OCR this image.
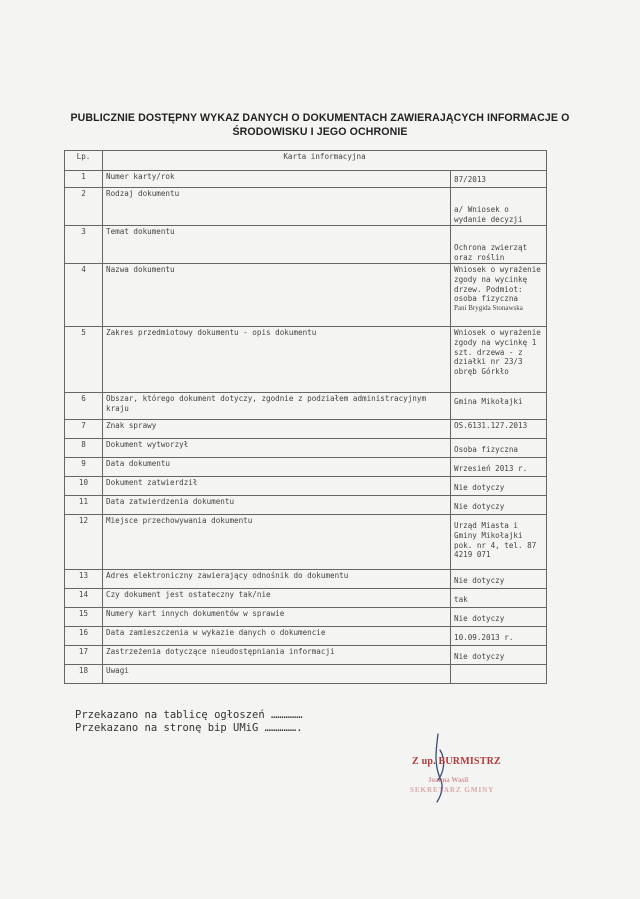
PUBLICZNIE DOSTĘPNY WYKAZ DANYCH O DOKUMENTACH ZAWIERAJĄCYCH INFORMACJE O ŚRODOWISKU I JEGO OCHRONIE
Lp.	Karta informacyjna	
1	Numer karty/rok	87/2013

2	Rodzaj dokumentu	a/ Wniosek o wydanie decyzji

3	Temat dokumentu	Ochrona zwierząt oraz roślin

4	Nazwa dokumentu	Wniosek o wyrażenie zgody na wycinkę drzew. Podmiot: osoba fizyczna
Pani Brygida Stonawska

5	Zakres przedmiotowy dokumentu - opis dokumentu	Wniosek o wyrażenie zgody na wycinkę 1 szt. drzewa - z działki nr 23/3 obręb Górkło

6	Obszar, którego dokument dotyczy, zgodnie z podziałem administracyjnym kraju	Gmina Mikołajki

7	Znak sprawy	OS.6131.127.2013

8	Dokument wytworzył	Osoba fizyczna

9	Data dokumentu	Wrzesień 2013 r.

10	Dokument zatwierdził	Nie dotyczy

11	Data zatwierdzenia dokumentu	Nie dotyczy

12	Miejsce przechowywania dokumentu	Urząd Miasta i Gminy Mikołajki pok. nr 4, tel. 87 4219 071

13	Adres elektroniczny zawierający odnośnik do dokumentu	Nie dotyczy

14	Czy dokument jest ostateczny tak/nie	tak

15	Numery kart innych dokumentów w sprawie	Nie dotyczy

16	Data zamieszczenia w wykazie danych o dokumencie	10.09.2013 r.

17	Zastrzeżenia dotyczące nieudostępniania informacji	Nie dotyczy

18	Uwagi	
Przekazano na tablicę ogłoszeń ……………
Przekazano na stronę bip UMiG …………….
Z up. BURMISTRZ
Joanna Wasil
SEKRETARZ GMINY
